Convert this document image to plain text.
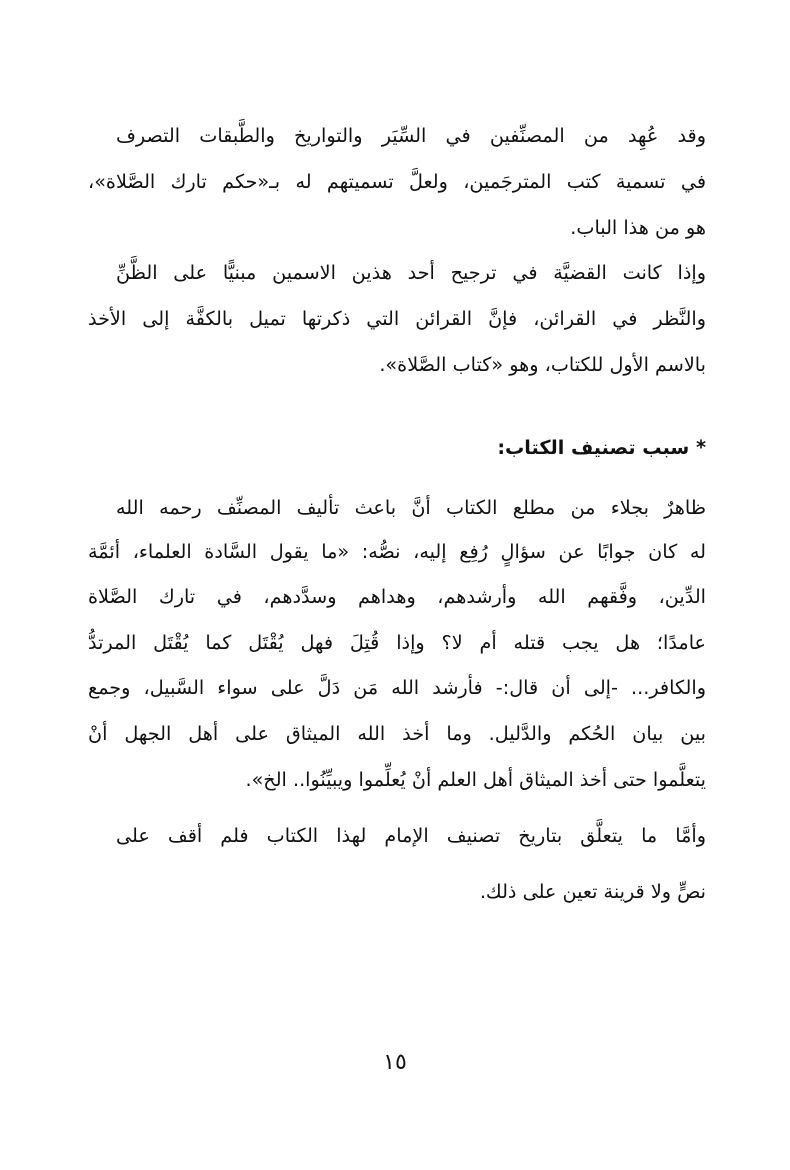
وقد عُهِد من المصنِّفين في السِّيَر والتواريخ والطَّبقات التصرف
في تسمية كتب المترجَمين، ولعلَّ تسميتهم له بـ«حكم تارك الصَّلاة»،
هو من هذا الباب.
وإذا كانت القضيَّة في ترجيح أحد هذين الاسمين مبنيًّا على الظَّنِّ
والنَّظر في القرائن، فإنَّ القرائن التي ذكرتها تميل بالكفَّة إلى الأخذ
بالاسم الأول للكتاب، وهو «كتاب الصَّلاة».
* سبب تصنيف الكتاب:
ظاهرٌ بجلاء من مطلع الكتاب أنَّ باعث تأليف المصنِّف رحمه الله
له كان جوابًا عن سؤالٍ رُفِع إليه، نصُّه: «ما يقول السَّادة العلماء، أئمَّة
الدِّين، وفَّقهم الله وأرشدهم، وهداهم وسدَّدهم، في تارك الصَّلاة
عامدًا؛ هل يجب قتله أم لا؟ وإذا قُتِلَ فهل يُقْتَل كما يُقْتَل المرتدُّ
والكافر... -إلى أن قال:- فأرشد الله مَن دَلَّ على سواء السَّبيل، وجمع
بين بيان الحُكم والدَّليل. وما أخذ الله الميثاق على أهل الجهل أنْ
يتعلَّموا حتى أخذ الميثاق أهل العلم أنْ يُعلِّموا ويبيِّنُوا.. الخ».
وأمَّا ما يتعلَّق بتاريخ تصنيف الإمام لهذا الكتاب فلم أقف على
نصٍّ ولا قرينة تعين على ذلك.
١٥
